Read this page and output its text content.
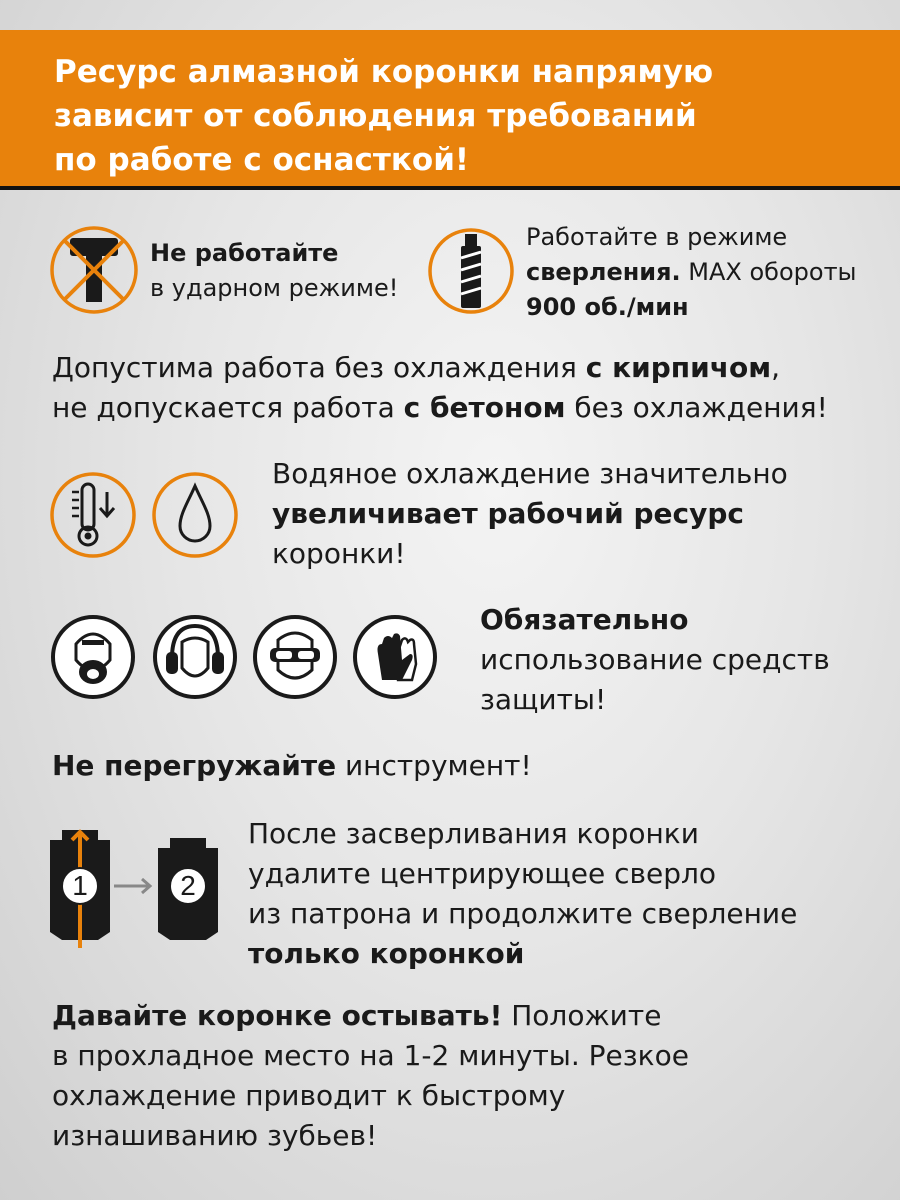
Ресурс алмазной коронки напрямую
зависит от соблюдения требований
по работе с оснасткой!
Не работайте
в ударном режиме!
Работайте в режиме
сверления. MAX обороты
900 об./мин
Допустима работа без охлаждения с кирпичом,
не допускается работа с бетоном без охлаждения!
Водяное охлаждение значительно
увеличивает рабочий ресурс
коронки!
Обязательно
использование средств
защиты!
Не перегружайте инструмент!
1	2
После засверливания коронки
удалите центрирующее сверло
из патрона и продолжите сверление
только коронкой
Давайте коронке остывать! Положите
в прохладное место на 1-2 минуты. Резкое
охлаждение приводит к быстрому
изнашиванию зубьев!
